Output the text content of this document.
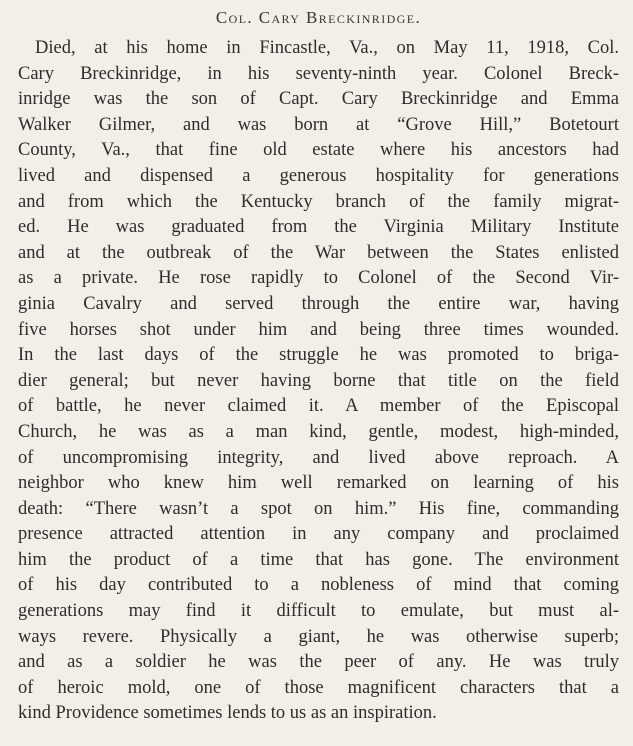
Col. Cary Breckinridge.
Died, at his home in Fincastle, Va., on May 11, 1918, Col.
Cary Breckinridge, in his seventy-ninth year. Colonel Breck-
inridge was the son of Capt. Cary Breckinridge and Emma
Walker Gilmer, and was born at “Grove Hill,” Botetourt
County, Va., that fine old estate where his ancestors had
lived and dispensed a generous hospitality for generations
and from which the Kentucky branch of the family migrat-
ed. He was graduated from the Virginia Military Institute
and at the outbreak of the War between the States enlisted
as a private. He rose rapidly to Colonel of the Second Vir-
ginia Cavalry and served through the entire war, having
five horses shot under him and being three times wounded.
In the last days of the struggle he was promoted to briga-
dier general; but never having borne that title on the field
of battle, he never claimed it. A member of the Episcopal
Church, he was as a man kind, gentle, modest, high-minded,
of uncompromising integrity, and lived above reproach. A
neighbor who knew him well remarked on learning of his
death: “There wasn’t a spot on him.” His fine, commanding
presence attracted attention in any company and proclaimed
him the product of a time that has gone. The environment
of his day contributed to a nobleness of mind that coming
generations may find it difficult to emulate, but must al-
ways revere. Physically a giant, he was otherwise superb;
and as a soldier he was the peer of any. He was truly
of heroic mold, one of those magnificent characters that a
kind Providence sometimes lends to us as an inspiration.
